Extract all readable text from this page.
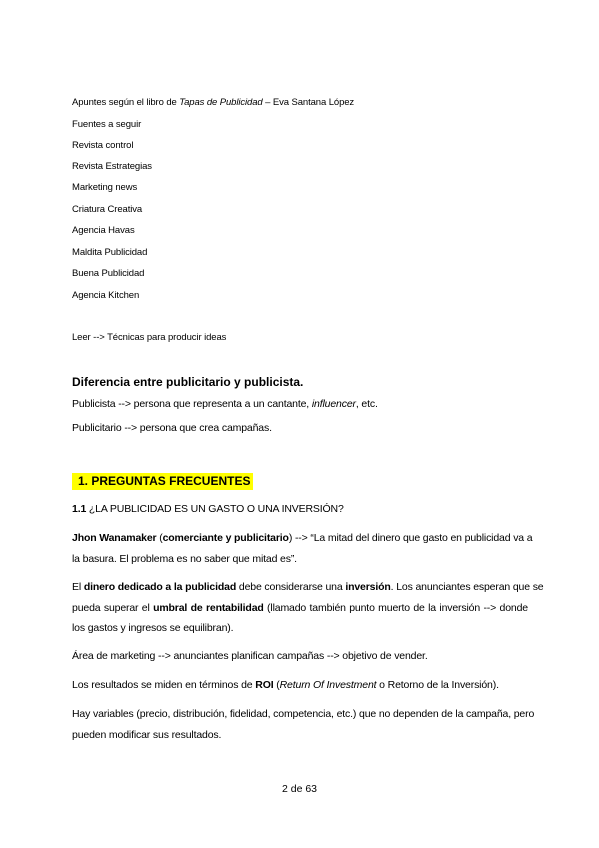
Apuntes según el libro de Tapas de Publicidad – Eva Santana López
Fuentes a seguir
Revista control
Revista Estrategias
Marketing news
Criatura Creativa
Agencia Havas
Maldita Publicidad
Buena Publicidad
Agencia Kitchen
Leer --> Técnicas para producir ideas
Diferencia entre publicitario y publicista.
Publicista --> persona que representa a un cantante, influencer, etc.
Publicitario --> persona que crea campañas.
1. PREGUNTAS FRECUENTES
1.1 ¿LA PUBLICIDAD ES UN GASTO O UNA INVERSIÓN?
Jhon Wanamaker (comerciante y publicitario) --> “La mitad del dinero que gasto en publicidad va a
la basura. El problema es no saber que mitad es”.
El dinero dedicado a la publicidad debe considerarse una inversión. Los anunciantes esperan que se
pueda superar el umbral de rentabilidad (llamado también punto muerto de la inversión --> donde
los gastos y ingresos se equilibran).
Área de marketing --> anunciantes planifican campañas --> objetivo de vender.
Los resultados se miden en términos de ROI (Return Of Investment o Retorno de la Inversión).
Hay variables (precio, distribución, fidelidad, competencia, etc.) que no dependen de la campaña, pero
pueden modificar sus resultados.
2 de 63
